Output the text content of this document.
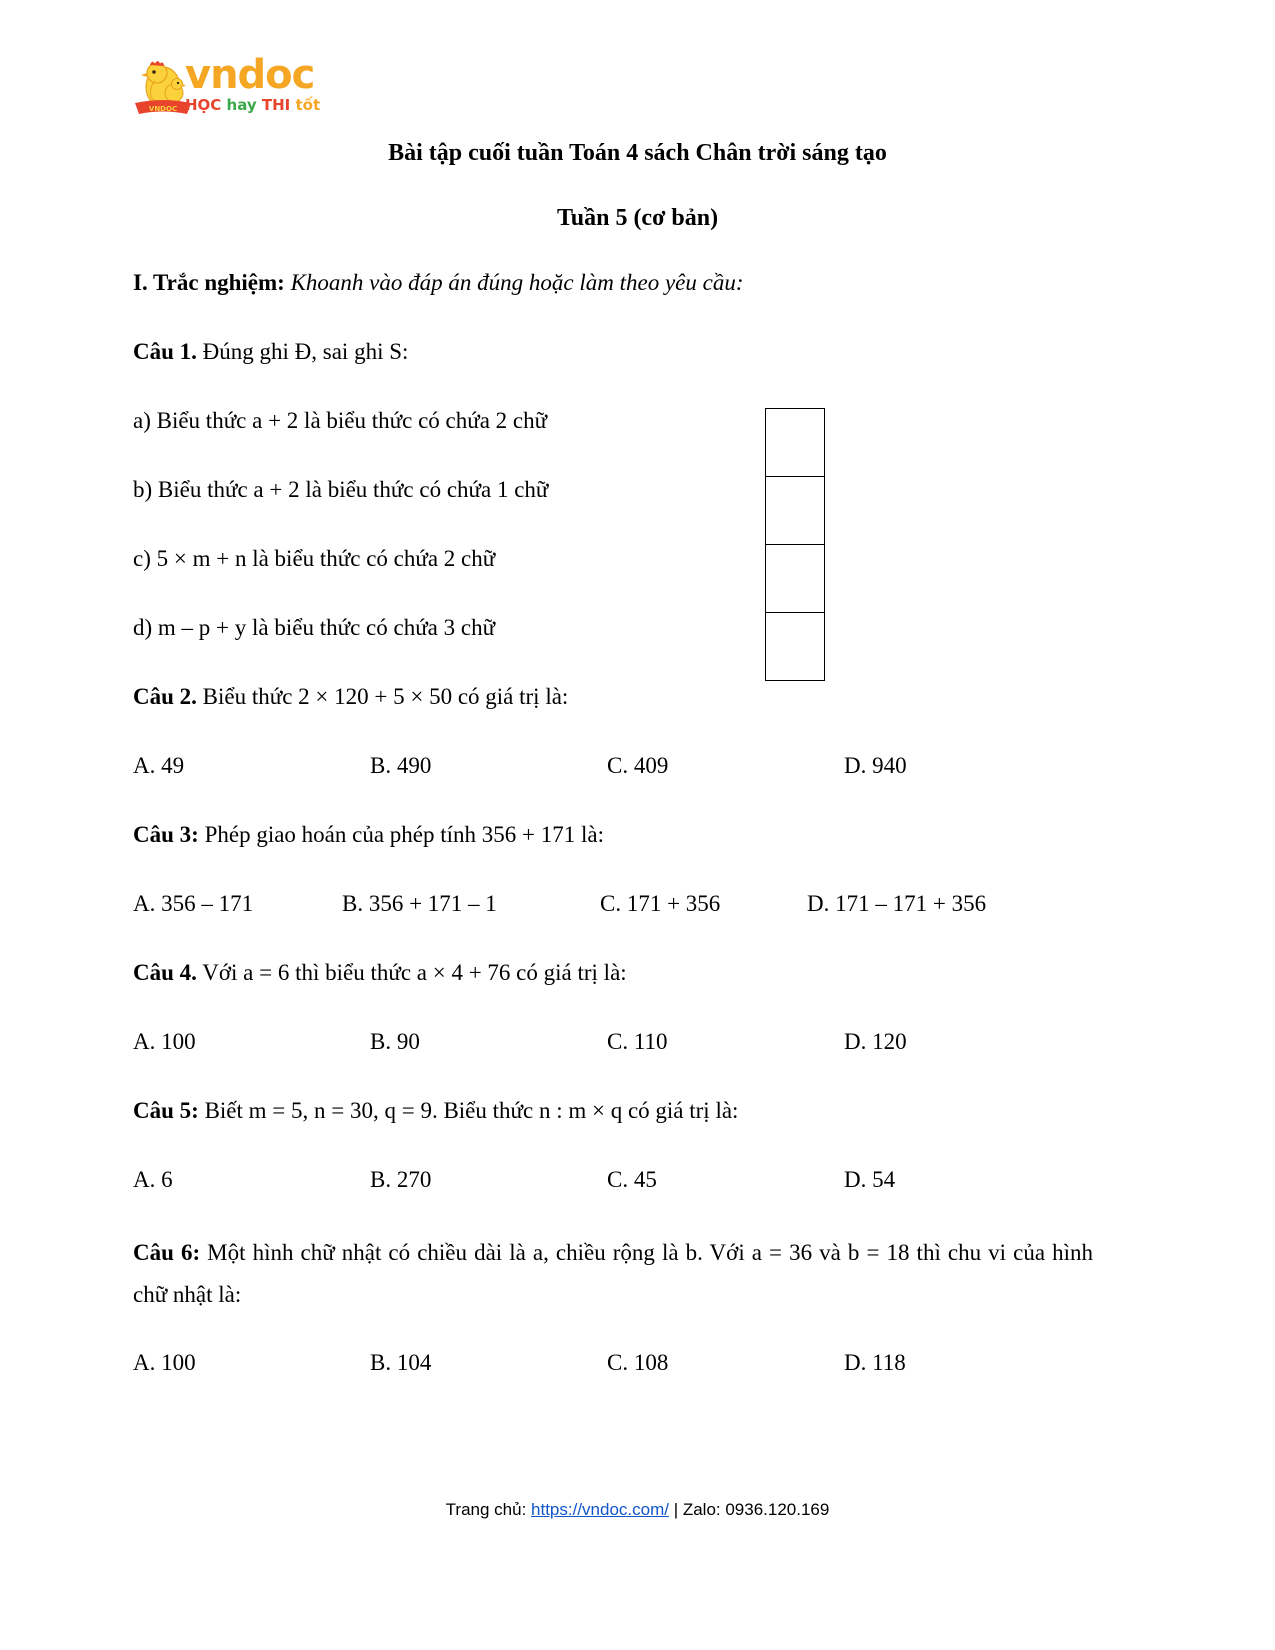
VNDOC
vndoc
HỌC hay THI tốt
Bài tập cuối tuần Toán 4 sách Chân trời sáng tạo
Tuần 5 (cơ bản)

I. Trắc nghiệm: Khoanh vào đáp án đúng hoặc làm theo yêu cầu:

Câu 1. Đúng ghi Đ, sai ghi S:

a) Biểu thức a + 2 là biểu thức có chứa 2 chữ

b) Biểu thức a + 2 là biểu thức có chứa 1 chữ

c) 5 × m + n là biểu thức có chứa 2 chữ

d) m – p + y là biểu thức có chứa 3 chữ

Câu 2. Biểu thức 2 × 120 + 5 × 50 có giá trị là:

A. 49	B. 490	C. 409	D. 940

Câu 3: Phép giao hoán của phép tính 356 + 171 là:

A. 356 – 171	B. 356 + 171 – 1	C. 171 + 356	D. 171 – 171 + 356

Câu 4. Với a = 6 thì biểu thức a × 4 + 76 có giá trị là:

A. 100	B. 90	C. 110	D. 120

Câu 5: Biết m = 5, n = 30, q = 9. Biểu thức n : m × q có giá trị là:

A. 6	B. 270	C. 45	D. 54

Câu 6: Một hình chữ nhật có chiều dài là a, chiều rộng là b. Với a = 36 và b = 18 thì chu vi của hình chữ nhật là:

A. 100	B. 104	C. 108	D. 118
Trang chủ: https://vndoc.com/ | Zalo: 0936.120.169
